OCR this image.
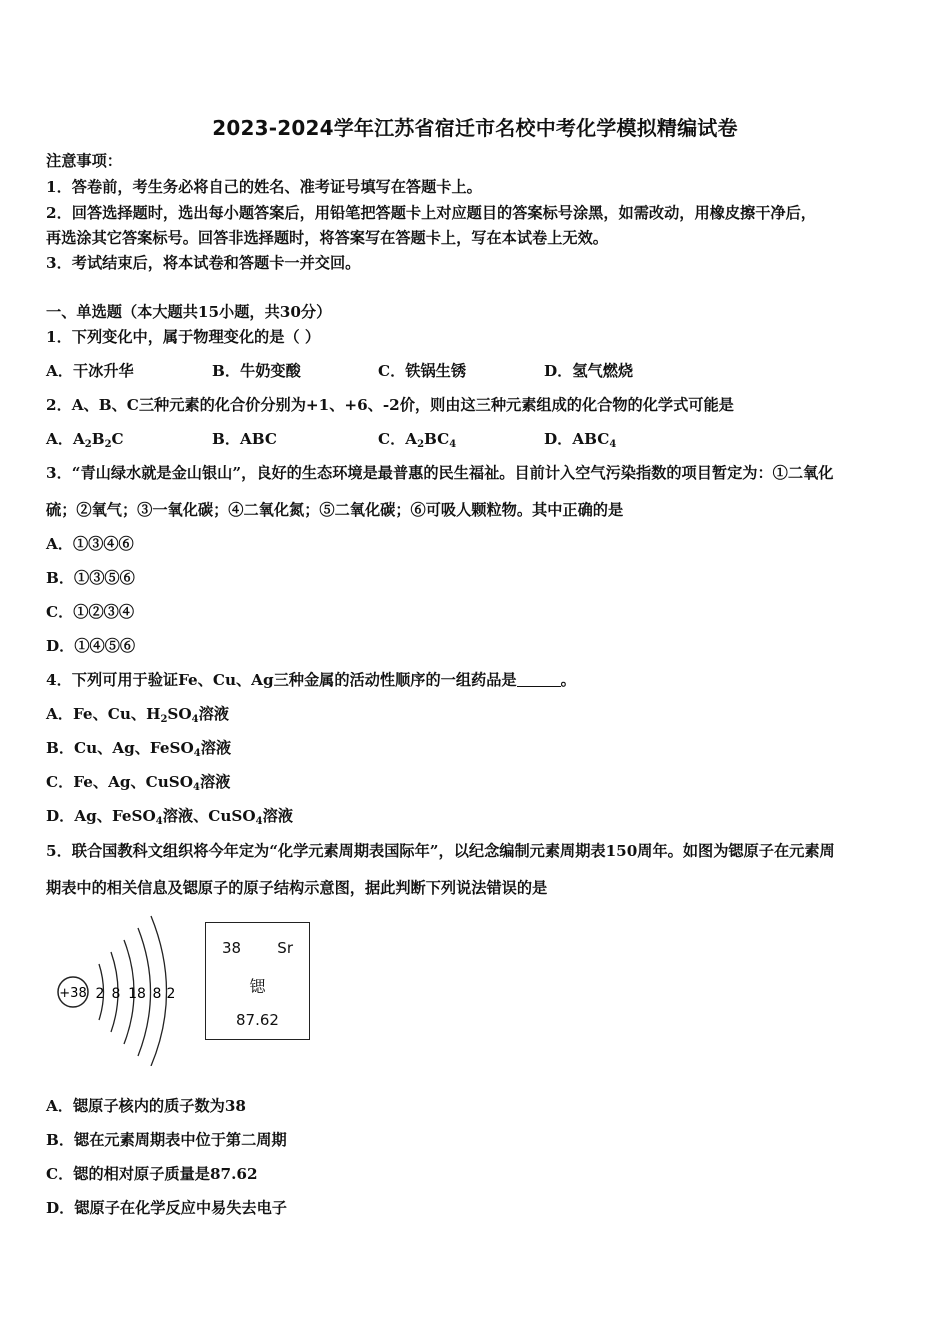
2023-2024学年江苏省宿迁市名校中考化学模拟精编试卷
注意事项：
1．答卷前，考生务必将自己的姓名、准考证号填写在答题卡上。
2．回答选择题时，选出每小题答案后，用铅笔把答题卡上对应题目的答案标号涂黑，如需改动，用橡皮擦干净后，
再选涂其它答案标号。回答非选择题时，将答案写在答题卡上，写在本试卷上无效。
3．考试结束后，将本试卷和答题卡一并交回。
一、单选题（本大题共15小题，共30分）
1．下列变化中，属于物理变化的是（ ）
A．干冰升华	B．牛奶变酸	C．铁锅生锈	D．氢气燃烧
2．A、B、C三种元素的化合价分别为+1、+6、-2价，则由这三种元素组成的化合物的化学式可能是
A．$A_2B_2C$	B．ABC	C．$A_2BC_4$	D．$ABC_4$
3．“青山绿水就是金山银山”，良好的生态环境是最普惠的民生福祉。目前计入空气污染指数的项目暂定为：①二氧化
硫；②氧气；③一氧化碳；④二氧化氮；⑤二氧化碳；⑥可吸人颗粒物。其中正确的是
A．①③④⑥
B．①③⑤⑥
C．①②③④
D．①④⑤⑥
4．下列可用于验证Fe、Cu、Ag三种金属的活动性顺序的一组药品是	。
A．Fe、Cu、$H_2SO_4$溶液
B．Cu、Ag、FeSO$_4$溶液
C．Fe、Ag、CuSO$_4$溶液
D．Ag、FeSO$_4$溶液、CuSO$_4$溶液
5．联合国教科文组织将今年定为“化学元素周期表国际年”，以纪念编制元素周期表150周年。如图为锶原子在元素周
期表中的相关信息及锶原子的原子结构示意图，据此判断下列说法错误的是
+38 2 8 18 8 2
38 Sr
锶
87.62
A．锶原子核内的质子数为38
B．锶在元素周期表中位于第二周期
C．锶的相对原子质量是87.62
D．锶原子在化学反应中易失去电子
